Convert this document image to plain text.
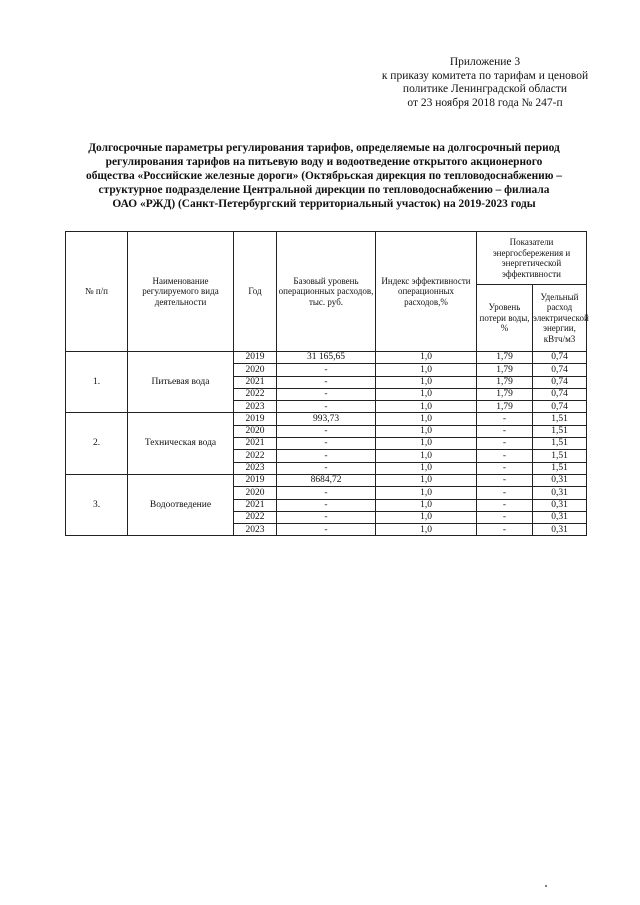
Приложение 3
к приказу комитета по тарифам и ценовой
политике Ленинградской области
от 23 ноября 2018 года № 247-п
Долгосрочные параметры регулирования тарифов, определяемые на долгосрочный период
регулирования тарифов на питьевую воду и водоотведение открытого акционерного
общества «Российские железные дороги» (Октябрьская дирекция по тепловодоснабжению –
структурное подразделение Центральной дирекции по тепловодоснабжению – филиала
ОАО «РЖД) (Санкт-Петербургский территориальный участок) на 2019-2023 годы
№ п/п	Наименование регулируемого вида деятельности	Год	Базовый уровень операционных расходов, тыс. руб.	Индекс эффективности операционных расходов,%	Показатели энергосбережения и энергетической эффективности	
					Уровень потери воды, %	Удельный расход электрической энергии, кВтч/м3
1.	Питьевая вода	2019	31 165,65	1,0	1,79	0,74
		2020	-	1,0	1,79	0,74
		2021	-	1,0	1,79	0,74
		2022	-	1,0	1,79	0,74
		2023	-	1,0	1,79	0,74
2.	Техническая вода	2019	993,73	1,0	-	1,51
		2020	-	1,0	-	1,51
		2021	-	1,0	-	1,51
		2022	-	1,0	-	1,51
		2023	-	1,0	-	1,51
3.	Водоотведение	2019	8684,72	1,0	-	0,31
		2020	-	1,0	-	0,31
		2021	-	1,0	-	0,31
		2022	-	1,0	-	0,31
		2023	-	1,0	-	0,31
